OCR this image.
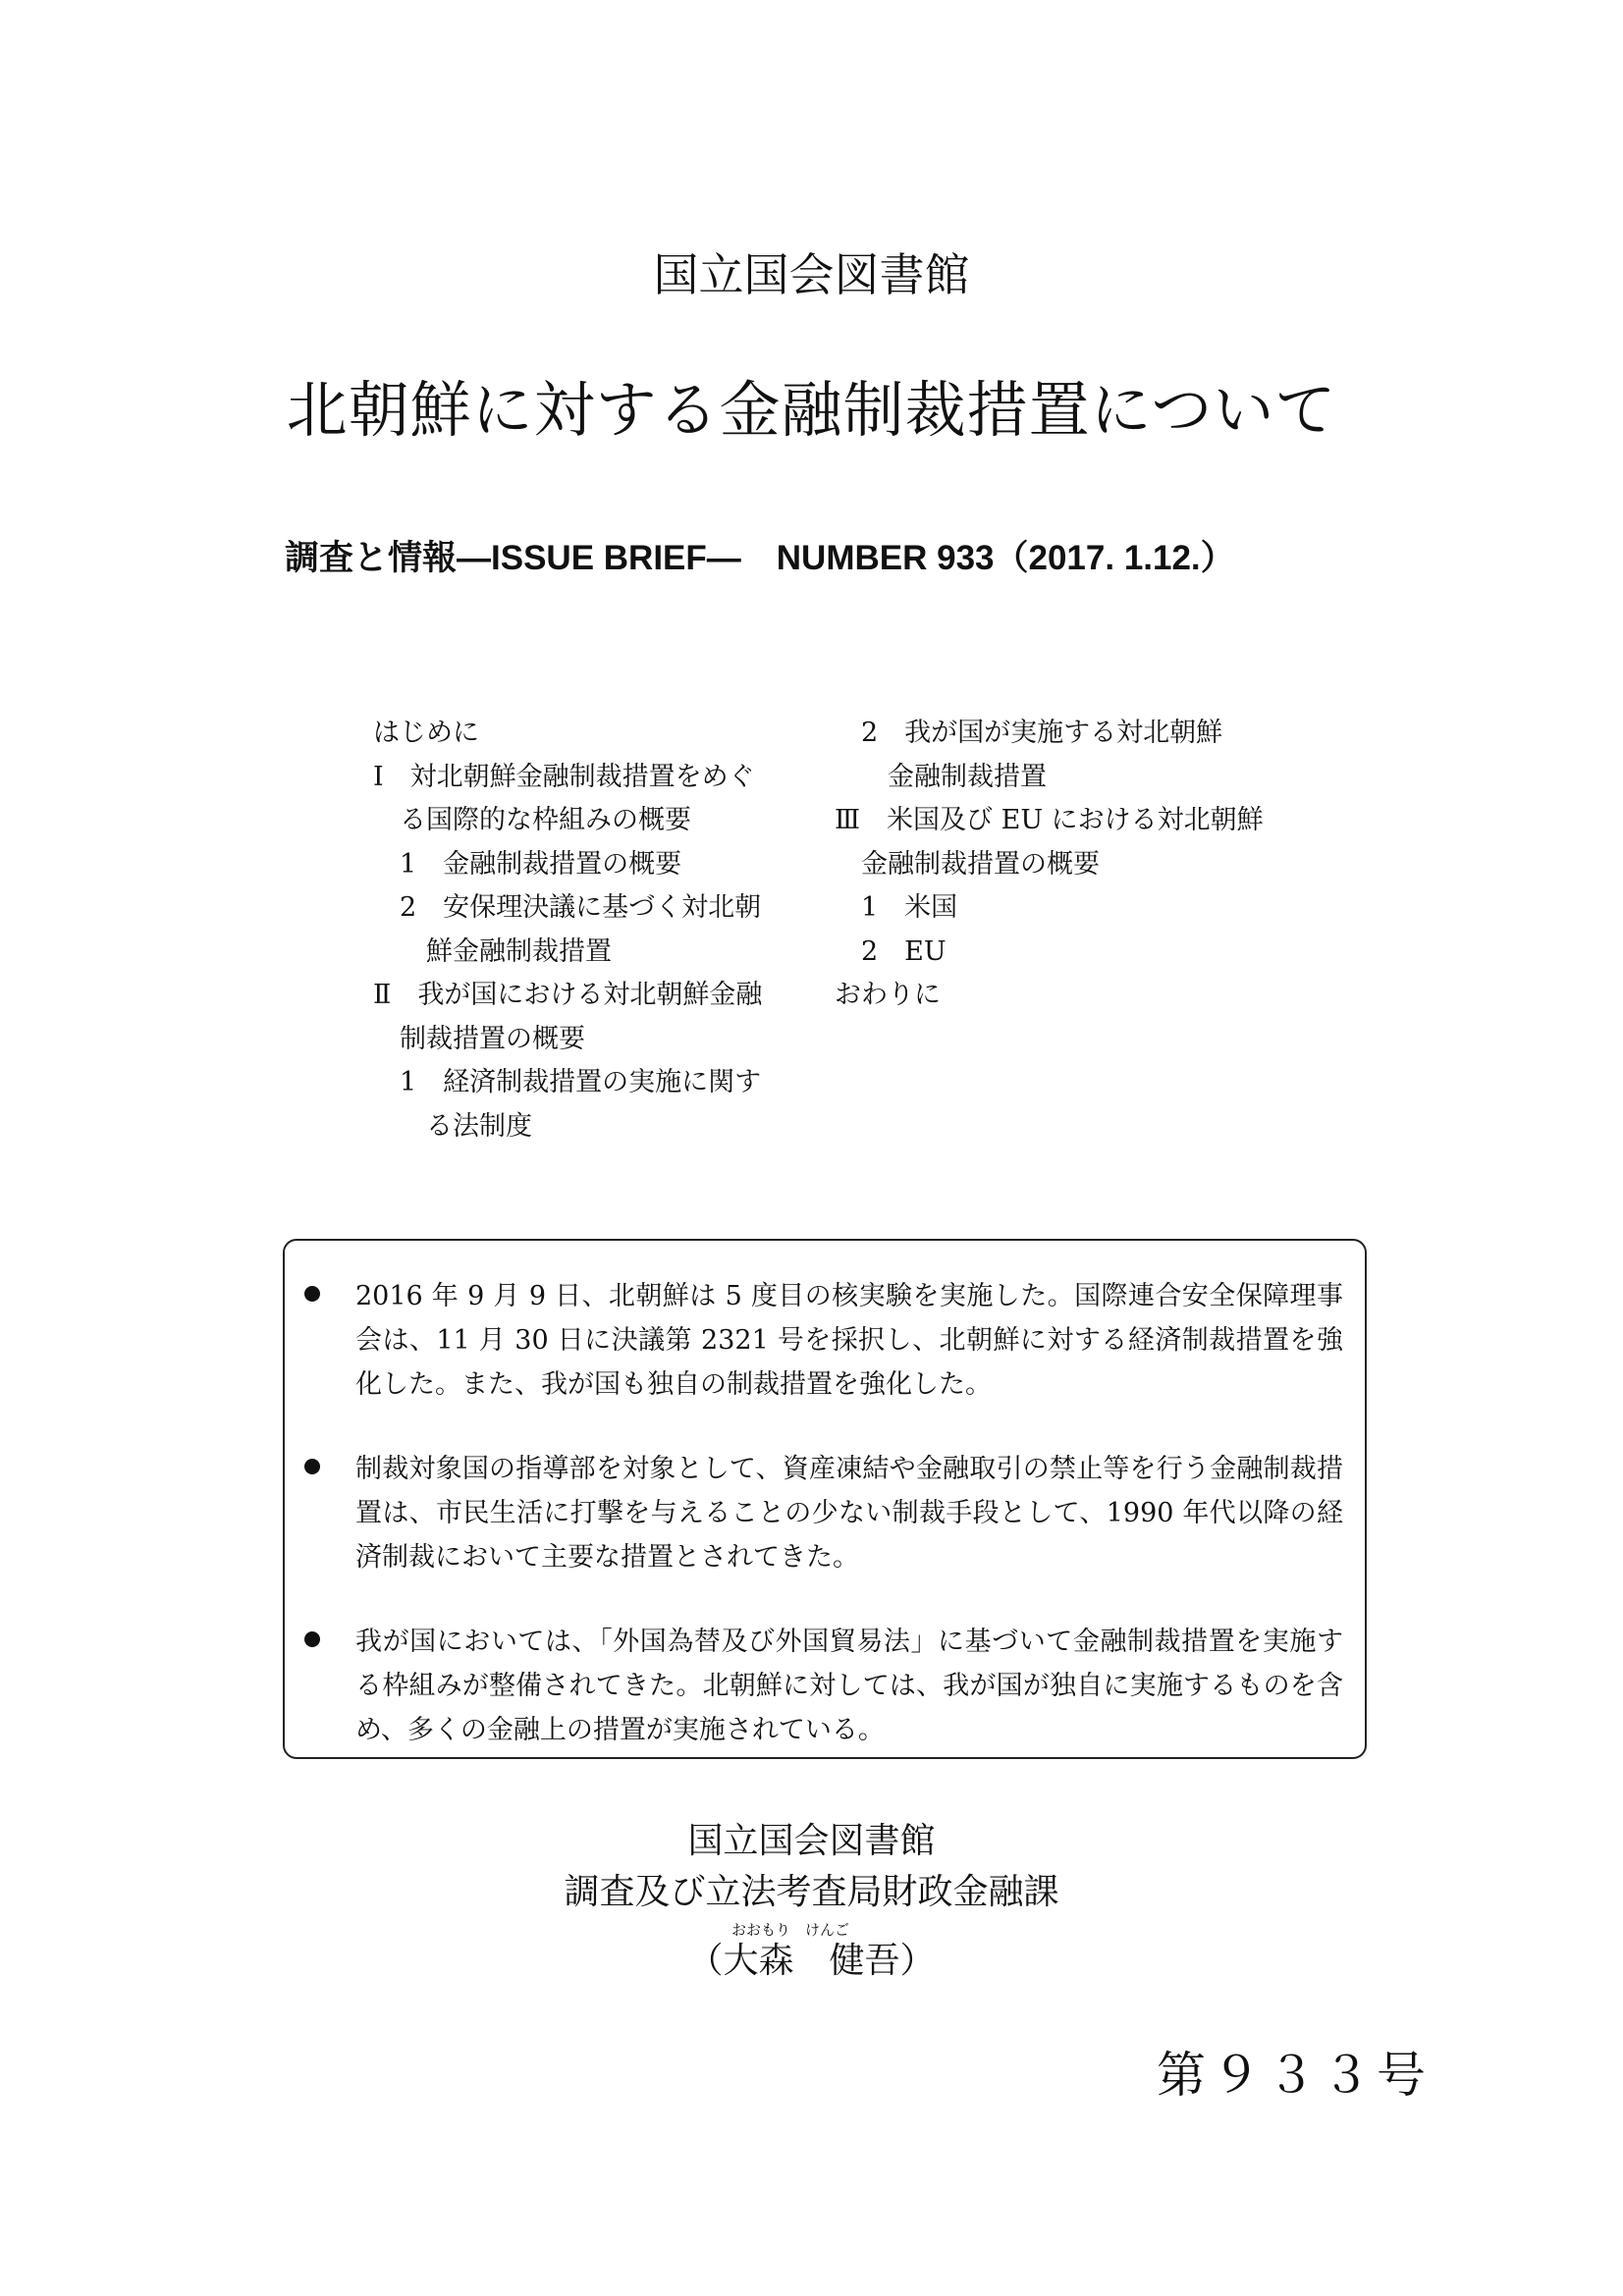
国立国会図書館
北朝鮮に対する金融制裁措置について
調査と情報—ISSUE BRIEF— NUMBER 933（2017. 1.12.）
はじめに
Ⅰ　対北朝鮮金融制裁措置をめぐ
　る国際的な枠組みの概要
　1　金融制裁措置の概要
　2　安保理決議に基づく対北朝
　　鮮金融制裁措置
Ⅱ　我が国における対北朝鮮金融
　制裁措置の概要
　1　経済制裁措置の実施に関す
　　る法制度
　2　我が国が実施する対北朝鮮
　　金融制裁措置
Ⅲ　米国及び EU における対北朝鮮
　金融制裁措置の概要
　1　米国
　2　EU
おわりに
2016 年 9 月 9 日、北朝鮮は 5 度目の核実験を実施した。国際連合安全保障理事会は、11 月 30 日に決議第 2321 号を採択し、北朝鮮に対する経済制裁措置を強化した。また、我が国も独自の制裁措置を強化した。
制裁対象国の指導部を対象として、資産凍結や金融取引の禁止等を行う金融制裁措置は、市民生活に打撃を与えることの少ない制裁手段として、1990 年代以降の経済制裁において主要な措置とされてきた。
我が国においては、「外国為替及び外国貿易法」に基づいて金融制裁措置を実施する枠組みが整備されてきた。北朝鮮に対しては、我が国が独自に実施するものを含め、多くの金融上の措置が実施されている。
国立国会図書館
調査及び立法考査局財政金融課
おおもり　けんご
（大森　健吾）
第９３３号
